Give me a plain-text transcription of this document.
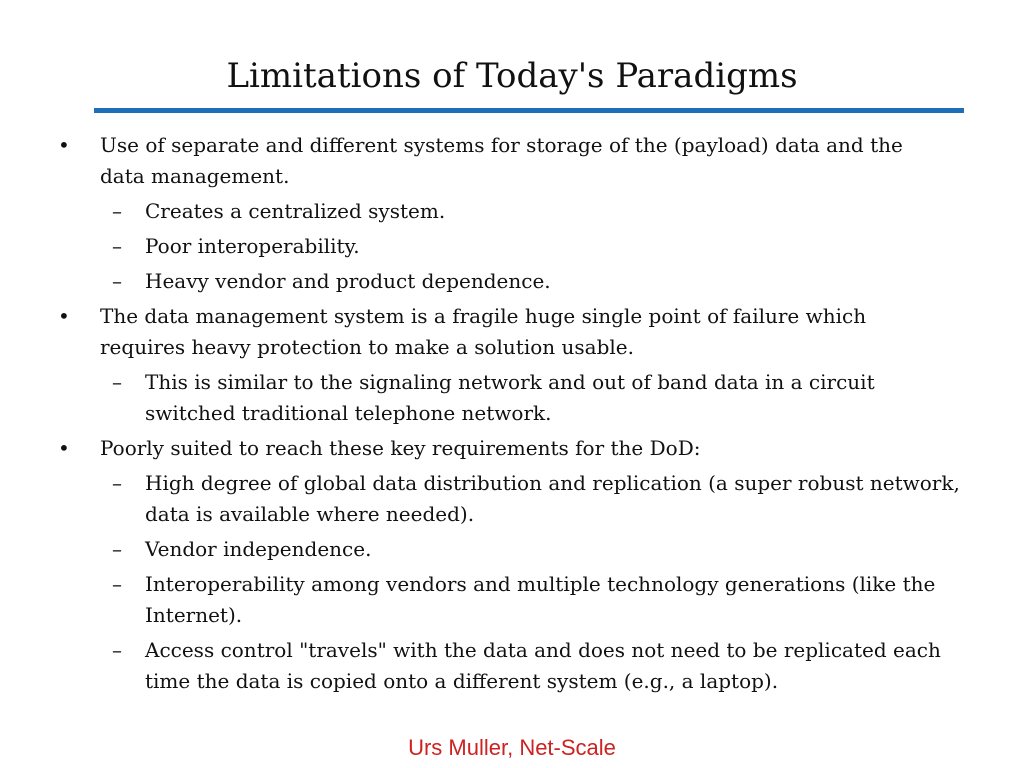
Limitations of Today's Paradigms
• Use of separate and different systems for storage of the (payload) data and the data management.
– Creates a centralized system.
– Poor interoperability.
– Heavy vendor and product dependence.
• The data management system is a fragile huge single point of failure which requires heavy protection to make a solution usable.
– This is similar to the signaling network and out of band data in a circuit switched traditional telephone network.
• Poorly suited to reach these key requirements for the DoD:
– High degree of global data distribution and replication (a super robust network, data is available where needed).
– Vendor independence.
– Interoperability among vendors and multiple technology generations (like the Internet).
– Access control "travels" with the data and does not need to be replicated each time the data is copied onto a different system (e.g., a laptop).
Urs Muller, Net-Scale
